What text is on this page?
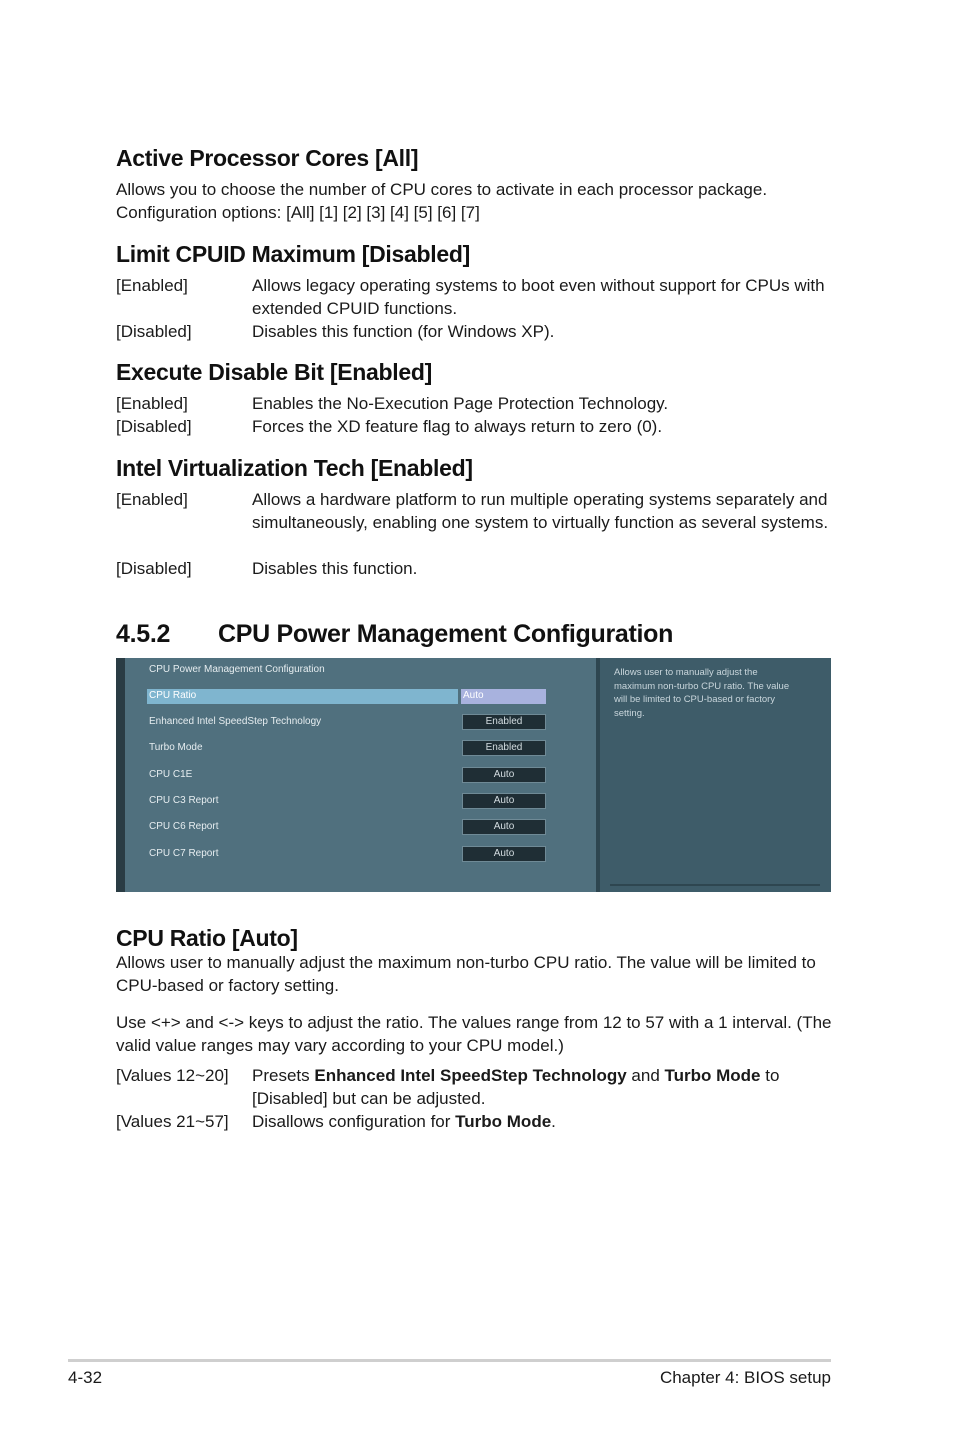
Active Processor Cores [All]

Allows you to choose the number of CPU cores to activate in each processor package.
Configuration options: [All] [1] [2] [3] [4] [5] [6] [7]

Limit CPUID Maximum [Disabled]
[Enabled]	Allows legacy operating systems to boot even without support for CPUs with extended CPUID functions.
[Disabled]	Disables this function (for Windows XP).
Execute Disable Bit [Enabled]
[Enabled]	Enables the No-Execution Page Protection Technology.
[Disabled]	Forces the XD feature flag to always return to zero (0).
Intel Virtualization Tech [Enabled]
[Enabled]	Allows a hardware platform to run multiple operating systems separately and simultaneously, enabling one system to virtually function as several systems.
[Disabled]	Disables this function.
4.5.2 CPU Power Management Configuration
CPU Power Management Configuration
CPU Ratio	Auto
Enhanced Intel SpeedStep Technology	Enabled
Turbo Mode	Enabled
CPU C1E	Auto
CPU C3 Report	Auto
CPU C6 Report	Auto
CPU C7 Report	Auto
Allows user to manually adjust the maximum non-turbo CPU ratio. The value will be limited to CPU-based or factory setting.
CPU Ratio [Auto]

Allows user to manually adjust the maximum non-turbo CPU ratio. The value will be limited to CPU-based or factory setting.

Use <+> and <-> keys to adjust the ratio. The values range from 12 to 57 with a 1 interval. (The valid value ranges may vary according to your CPU model.)

[Values 12~20] Presets Enhanced Intel SpeedStep Technology and Turbo Mode to [Disabled] but can be adjusted.
[Values 21~57] Disallows configuration for Turbo Mode.
4-32	Chapter 4: BIOS setup
